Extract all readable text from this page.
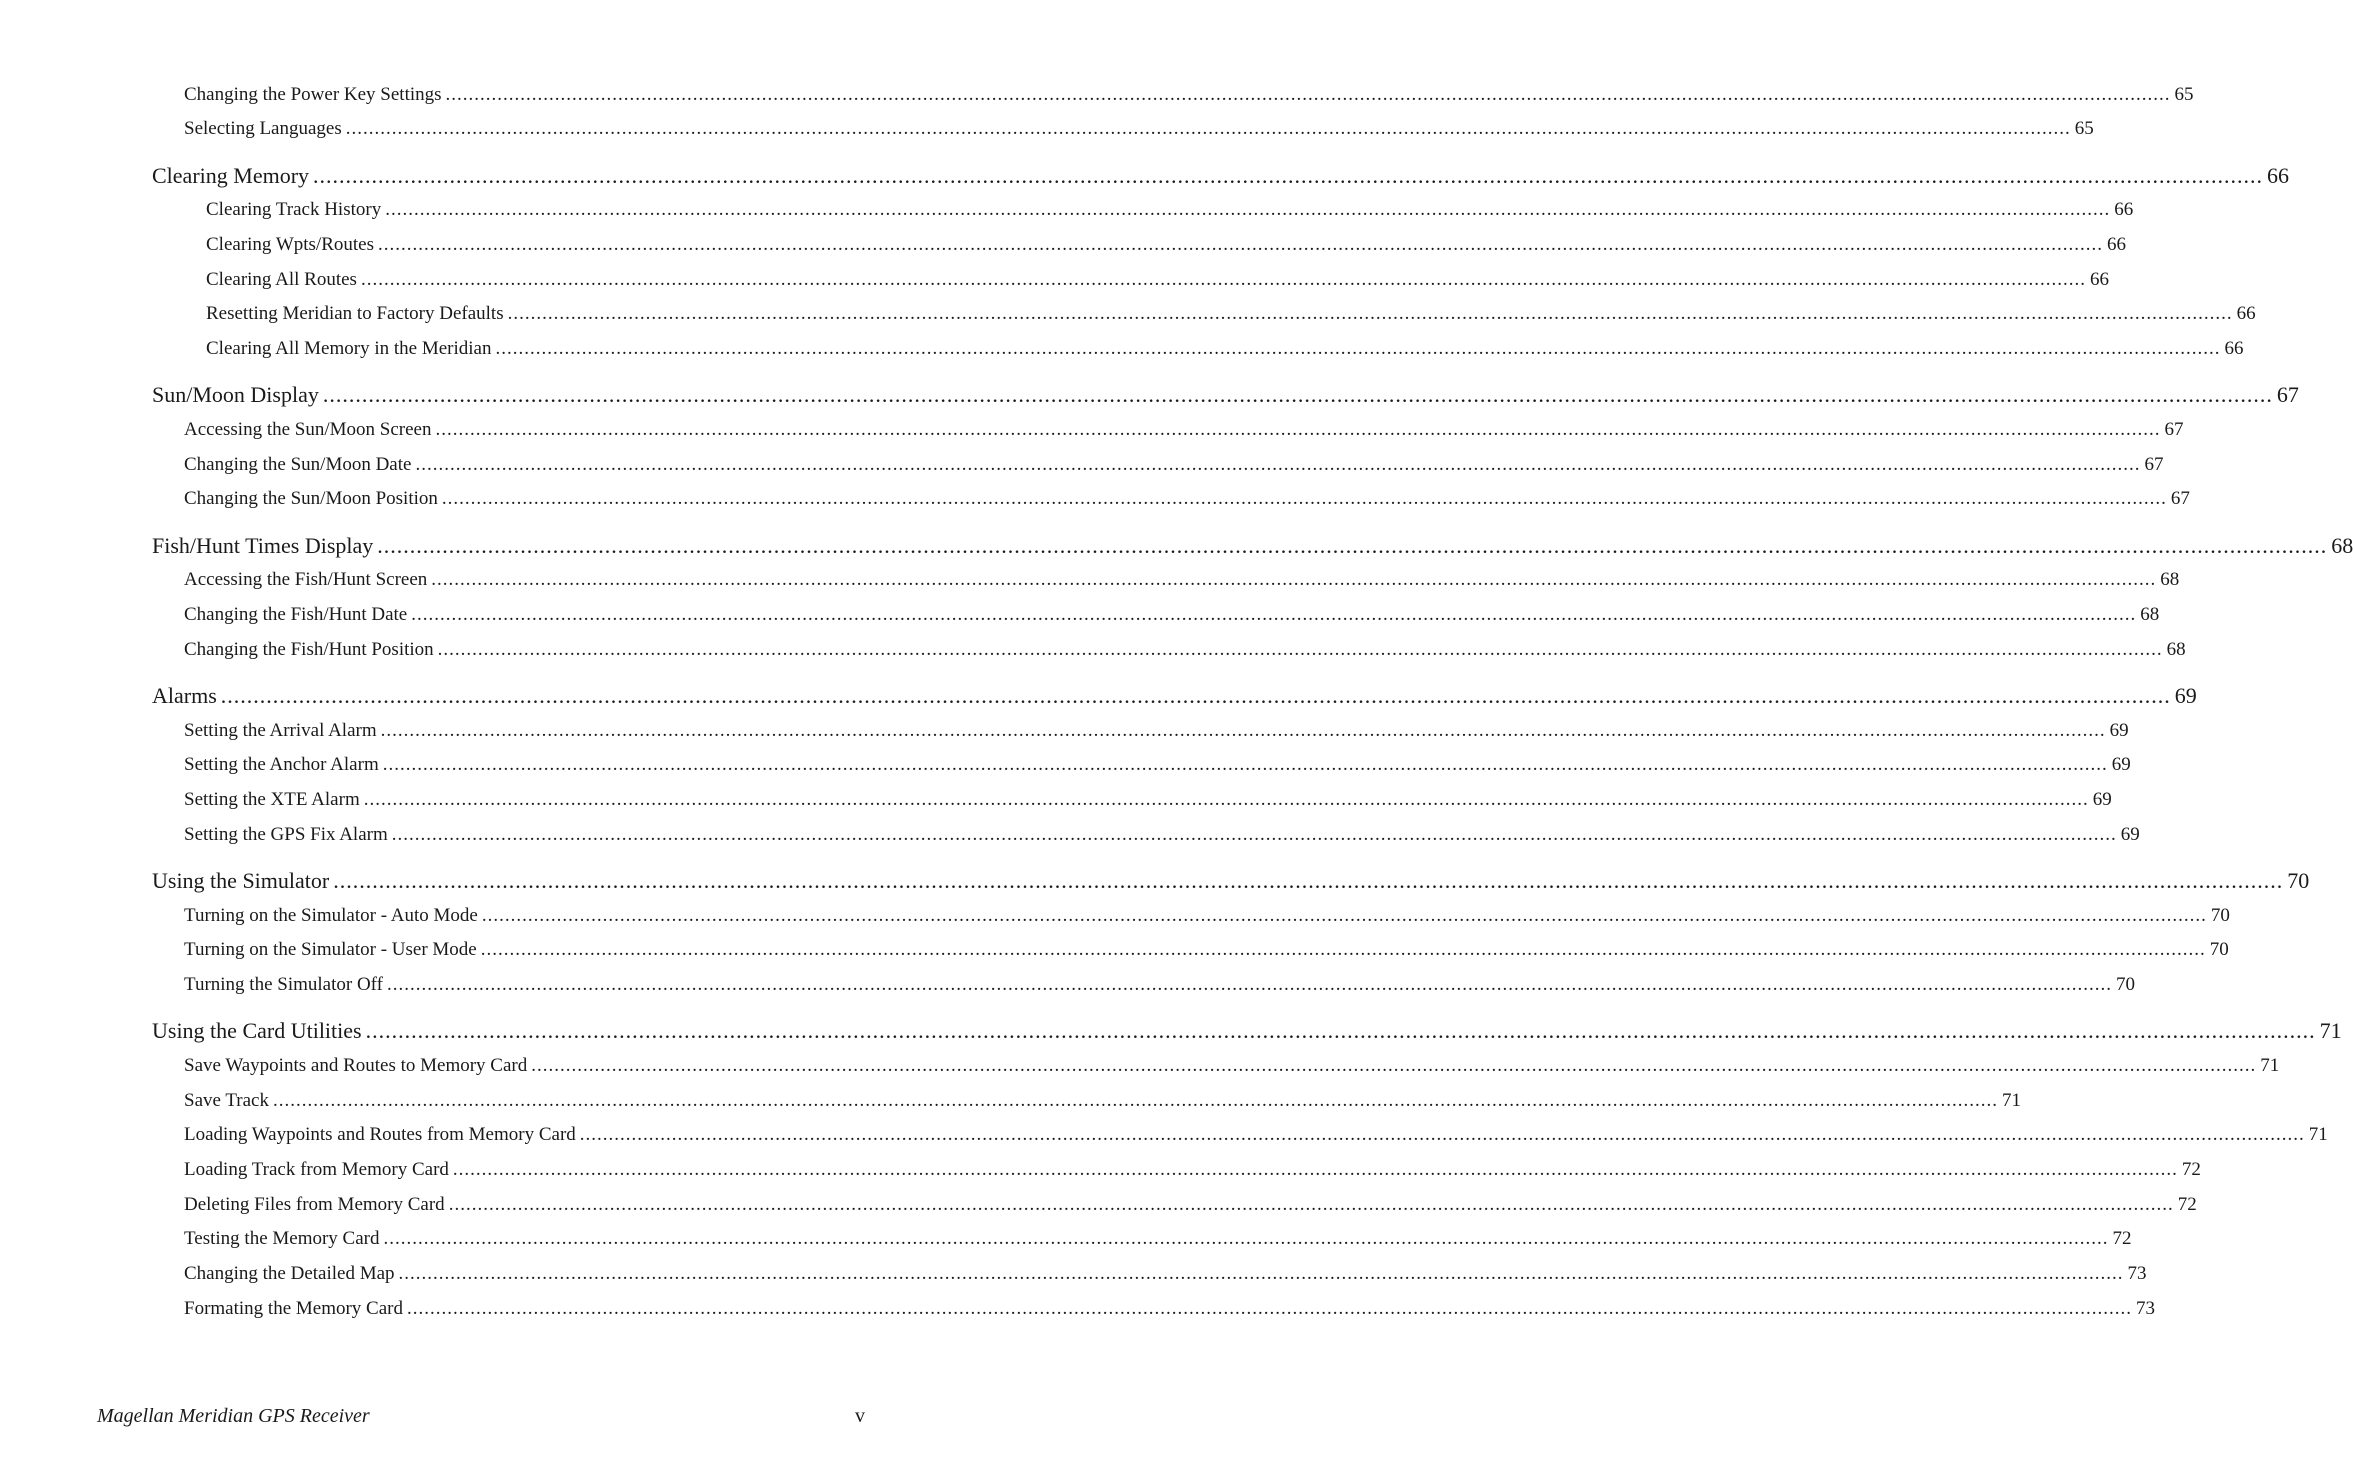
Changing the Power Key Settings ............................................................................................................................................................................................................................................................................................................ 65
Selecting Languages ............................................................................................................................................................................................................................................................................................................ 65
Clearing Memory ............................................................................................................................................................................................................................................................................................................ 66
Clearing Track History ............................................................................................................................................................................................................................................................................................................ 66
Clearing Wpts/Routes ............................................................................................................................................................................................................................................................................................................ 66
Clearing All Routes ............................................................................................................................................................................................................................................................................................................ 66
Resetting Meridian to Factory Defaults ............................................................................................................................................................................................................................................................................................................ 66
Clearing All Memory in the Meridian ............................................................................................................................................................................................................................................................................................................ 66
Sun/Moon Display ............................................................................................................................................................................................................................................................................................................ 67
Accessing the Sun/Moon Screen ............................................................................................................................................................................................................................................................................................................ 67
Changing the Sun/Moon Date ............................................................................................................................................................................................................................................................................................................ 67
Changing the Sun/Moon Position ............................................................................................................................................................................................................................................................................................................ 67
Fish/Hunt Times Display ............................................................................................................................................................................................................................................................................................................ 68
Accessing the Fish/Hunt Screen ............................................................................................................................................................................................................................................................................................................ 68
Changing the Fish/Hunt Date ............................................................................................................................................................................................................................................................................................................ 68
Changing the Fish/Hunt Position ............................................................................................................................................................................................................................................................................................................ 68
Alarms ............................................................................................................................................................................................................................................................................................................ 69
Setting the Arrival Alarm ............................................................................................................................................................................................................................................................................................................ 69
Setting the Anchor Alarm ............................................................................................................................................................................................................................................................................................................ 69
Setting the XTE Alarm ............................................................................................................................................................................................................................................................................................................ 69
Setting the GPS Fix Alarm ............................................................................................................................................................................................................................................................................................................ 69
Using the Simulator ............................................................................................................................................................................................................................................................................................................ 70
Turning on the Simulator - Auto Mode ............................................................................................................................................................................................................................................................................................................ 70
Turning on the Simulator - User Mode ............................................................................................................................................................................................................................................................................................................ 70
Turning the Simulator Off ............................................................................................................................................................................................................................................................................................................ 70
Using the Card Utilities ............................................................................................................................................................................................................................................................................................................ 71
Save Waypoints and Routes to Memory Card ............................................................................................................................................................................................................................................................................................................ 71
Save Track ............................................................................................................................................................................................................................................................................................................ 71
Loading Waypoints and Routes from Memory Card ............................................................................................................................................................................................................................................................................................................ 71
Loading Track from Memory Card ............................................................................................................................................................................................................................................................................................................ 72
Deleting Files from Memory Card ............................................................................................................................................................................................................................................................................................................ 72
Testing the Memory Card ............................................................................................................................................................................................................................................................................................................ 72
Changing the Detailed Map ............................................................................................................................................................................................................................................................................................................ 73
Formating the Memory Card ............................................................................................................................................................................................................................................................................................................ 73
Magellan Meridian GPS Receiver	v
